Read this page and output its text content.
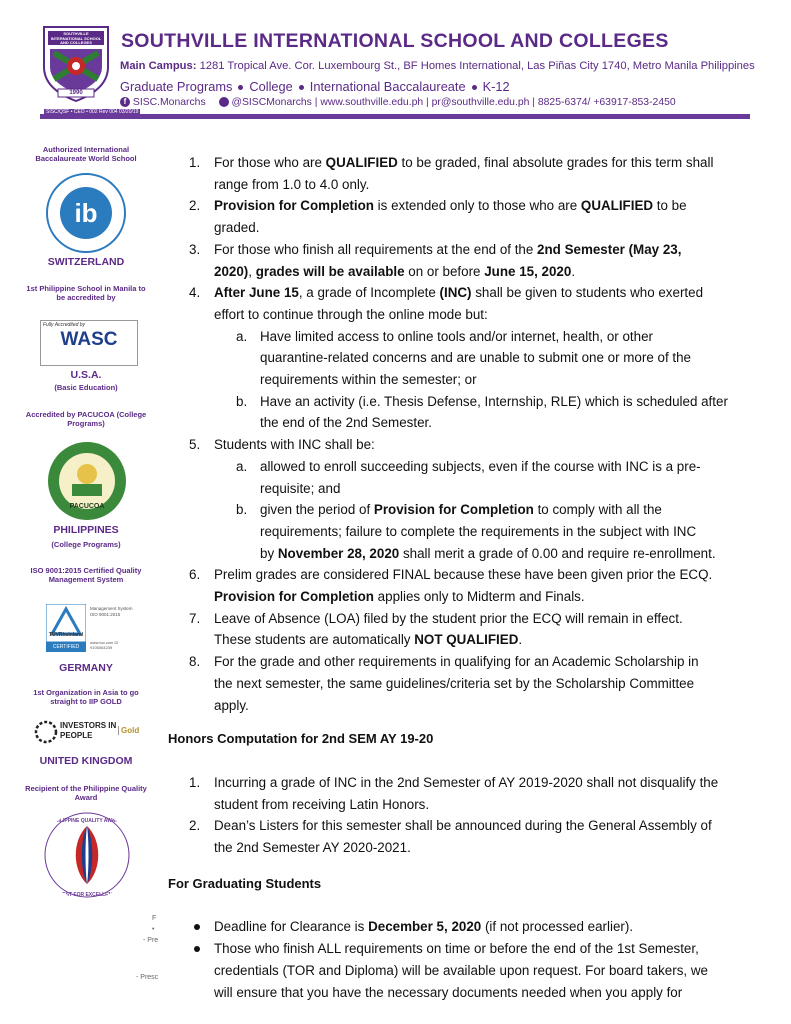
SOUTHVILLE INTERNATIONAL SCHOOL AND COLLEGES
1990
SOUTHVILLE INTERNATIONAL SCHOOL AND COLLEGES
Main Campus: 1281 Tropical Ave. Cor. Luxembourg St., BF Homes International, Las Piñas City 1740, Metro Manila Philippines
Graduate Programs College International Baccalaureate K-12
f SISC.Monarchs @SISCMonarchs | www.southville.edu.ph | pr@southville.edu.ph | 8825-6374/ +63917-853-2450
SISC/QSF • CEO • 002 Rev 004 03/20/19
Authorized International Baccalaureate World School
ib
SWITZERLAND
1st Philippine School in Manila to be accredited by
Fully Accredited by
WASC
U.S.A.
(Basic Education)
Accredited by PACUCOA (College Programs)
PACUCOA
PHILIPPINES
(College Programs)
ISO 9001:2015 Certified Quality Management System
TÜVRheinland
CERTIFIED
Management System ISO 9001:2015
www.tuv.com ID 9105064239
GERMANY
1st Organization in Asia to go straight to IIP GOLD
INVESTORS IN PEOPLE
Gold
UNITED KINGDOM
Recipient of the Philippine Quality Award
PHILIPPINE QUALITY AWARD
QUEST FOR EXCELLENCE
F
•
- Pre
- Presc
1. For those who are QUALIFIED to be graded, final absolute grades for this term shall
range from 1.0 to 4.0 only.
2. Provision for Completion is extended only to those who are QUALIFIED to be
graded.
3. For those who finish all requirements at the end of the 2nd Semester (May 23,
2020), grades will be available on or before June 15, 2020.
4. After June 15, a grade of Incomplete (INC) shall be given to students who exerted
effort to continue through the online mode but:
a. Have limited access to online tools and/or internet, health, or other
quarantine-related concerns and are unable to submit one or more of the
requirements within the semester; or
b. Have an activity (i.e. Thesis Defense, Internship, RLE) which is scheduled after
the end of the 2nd Semester.
5. Students with INC shall be:
a. allowed to enroll succeeding subjects, even if the course with INC is a pre-
requisite; and
b. given the period of Provision for Completion to comply with all the
requirements; failure to complete the requirements in the subject with INC
by November 28, 2020 shall merit a grade of 0.00 and require re-enrollment.
6. Prelim grades are considered FINAL because these have been given prior the ECQ.
Provision for Completion applies only to Midterm and Finals.
7. Leave of Absence (LOA) filed by the student prior the ECQ will remain in effect.
These students are automatically NOT QUALIFIED.
8. For the grade and other requirements in qualifying for an Academic Scholarship in
the next semester, the same guidelines/criteria set by the Scholarship Committee
apply.
Honors Computation for 2nd SEM AY 19-20
1. Incurring a grade of INC in the 2nd Semester of AY 2019-2020 shall not disqualify the
student from receiving Latin Honors.
2. Dean’s Listers for this semester shall be announced during the General Assembly of
the 2nd Semester AY 2020-2021.
For Graduating Students
Deadline for Clearance is December 5, 2020 (if not processed earlier).
Those who finish ALL requirements on time or before the end of the 1st Semester,
credentials (TOR and Diploma) will be available upon request. For board takers, we
will ensure that you have the necessary documents needed when you apply for
